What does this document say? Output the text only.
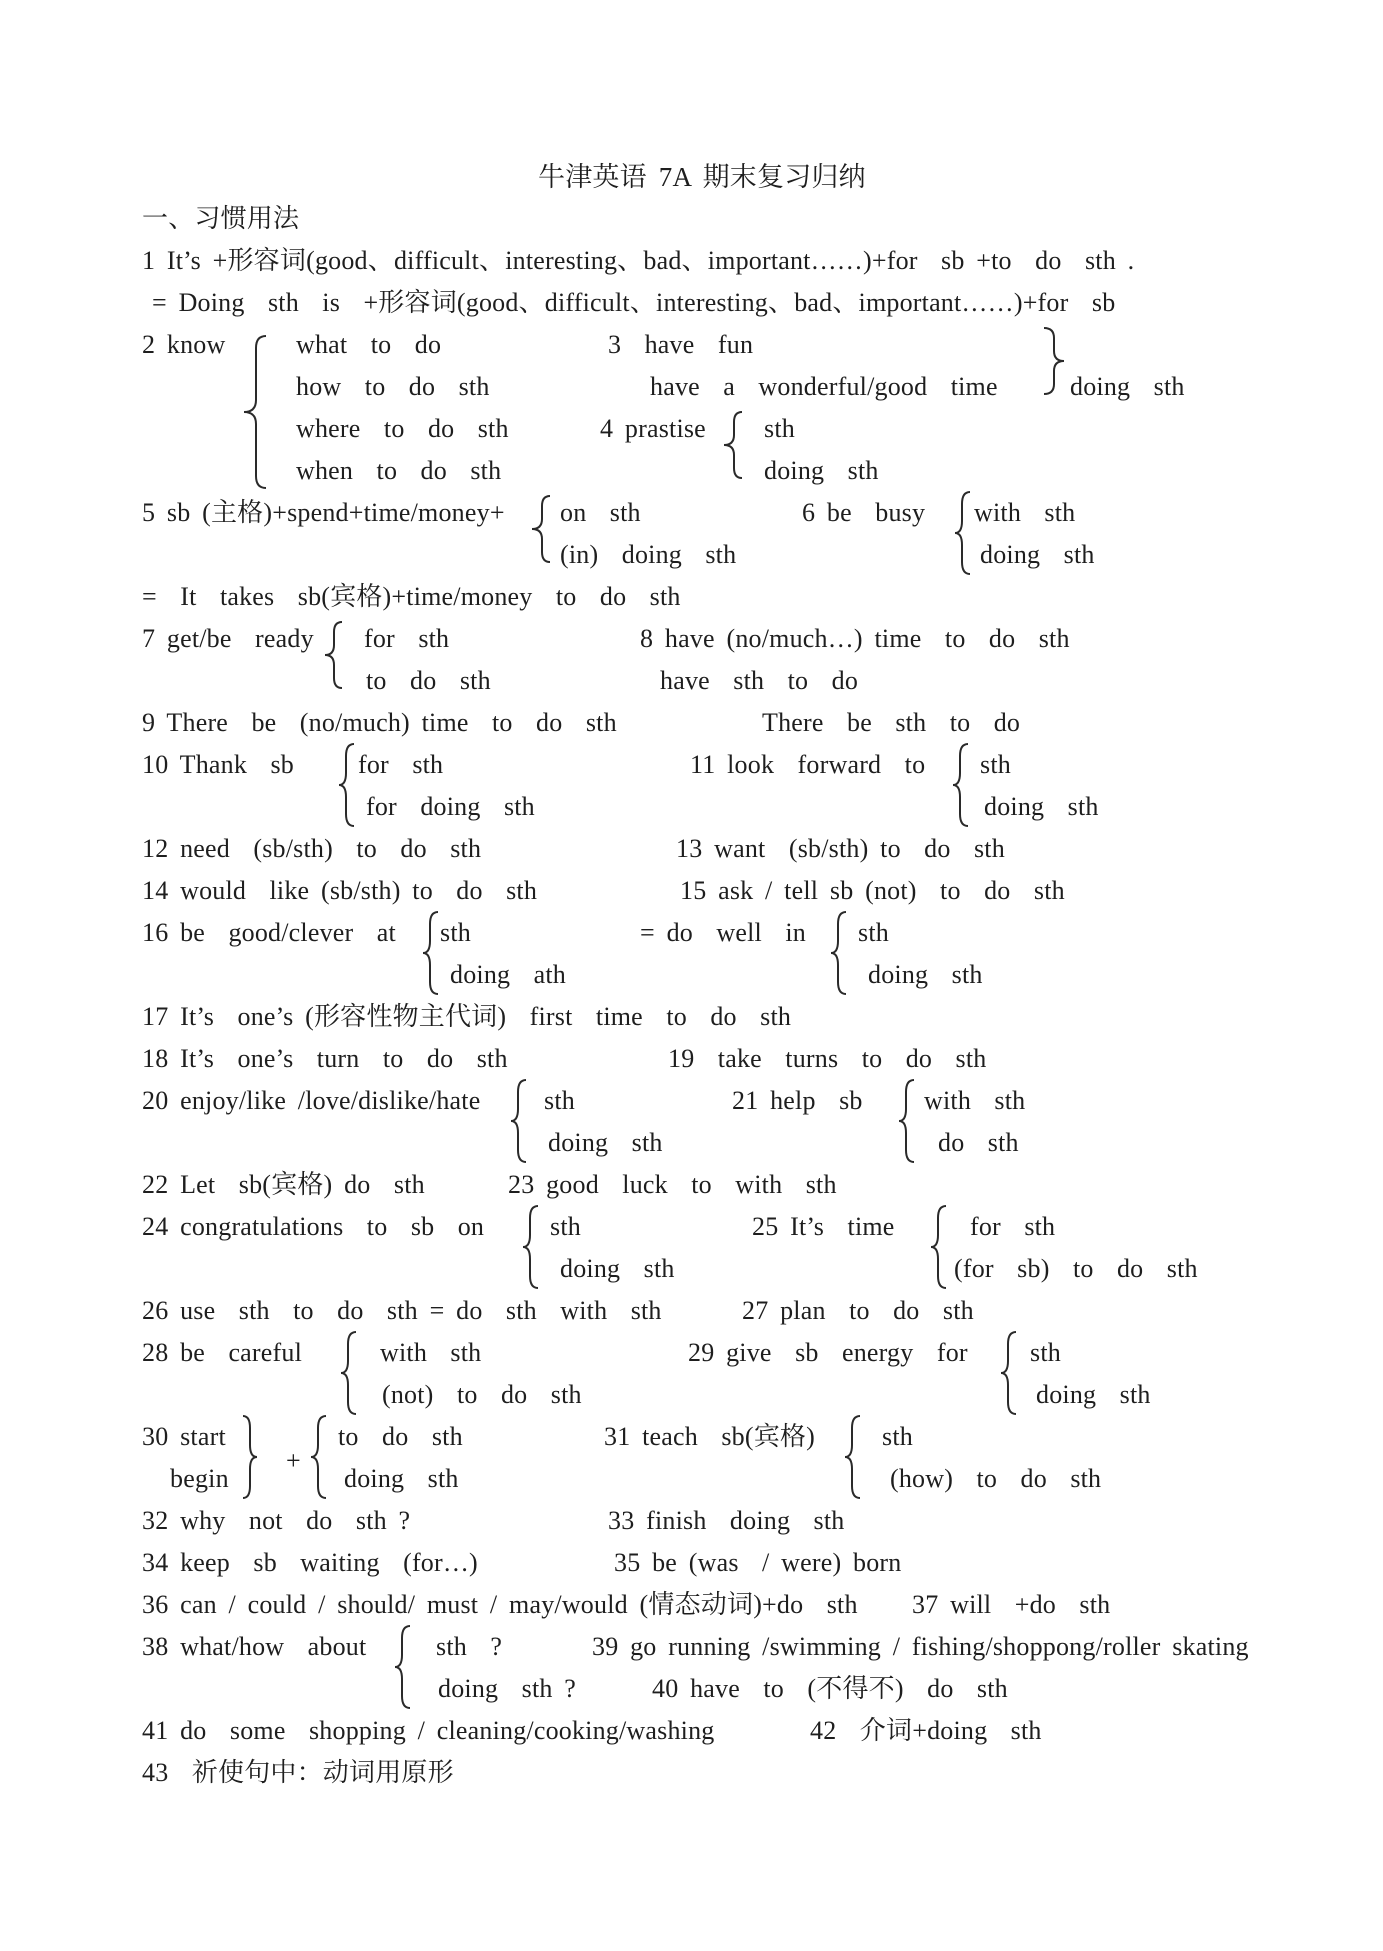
牛津英语 7A 期末复习归纳
一、习惯用法
1 It’s +形容词(good、difficult、interesting、bad、important……)+for  sb +to  do  sth .
= Doing  sth  is  +形容词(good、difficult、interesting、bad、important……)+for  sb
2 know	what  to  do
how  to  do  sth
where  to  do  sth
when  to  do  sth
3  have  fun
have  a  wonderful/good  time	doing  sth
4 prastise sth
doing  sth
5 sb (主格)+spend+time/money+ on  sth
(in)  doing  sth
6 be  busy with  sth
doing  sth
=  It  takes  sb(宾格)+time/money  to  do  sth
7 get/be  ready for  sth
to  do  sth
8 have (no/much…) time  to  do  sth
have  sth  to  do
9 There  be  (no/much) time  to  do  sth	There  be  sth  to  do
10 Thank  sb for  sth
for  doing  sth
11 look  forward  to sth
doing  sth
12 need  (sb/sth)  to  do  sth	13 want  (sb/sth) to  do  sth
14 would  like (sb/sth) to  do  sth	15 ask / tell sb (not)  to  do  sth
16 be  good/clever  at sth
doing  ath
= do  well  in sth
doing  sth
17 It’s  one’s (形容性物主代词)  first  time  to  do  sth
18 It’s  one’s  turn  to  do  sth	19  take  turns  to  do  sth
20 enjoy/like /love/dislike/hate sth
doing  sth
21 help  sb with  sth
do  sth
22 Let  sb(宾格) do  sth	23 good  luck  to  with  sth
24 congratulations  to  sb  on	sth
doing  sth
25 It’s  time	for  sth
(for  sb)  to  do  sth
26 use  sth  to  do  sth = do  sth  with  sth	27 plan  to  do  sth
28 be  careful	with  sth
(not)  to  do  sth
29 give  sb  energy  for sth
doing  sth
30 start
begin
+
to  do  sth
doing  sth
31 teach  sb(宾格)	sth
(how)  to  do  sth
32 why  not  do  sth ?	33 finish  doing  sth
34 keep  sb  waiting  (for…)	35 be (was  / were) born
36 can / could / should/ must / may/would (情态动词)+do  sth 37 will  +do  sth
38 what/how  about	sth  ?
doing  sth ?
39 go running /swimming / fishing/shoppong/roller skating
40 have  to  (不得不)  do  sth
41 do  some  shopping / cleaning/cooking/washing	42  介词+doing  sth
43  祈使句中：动词用原形
